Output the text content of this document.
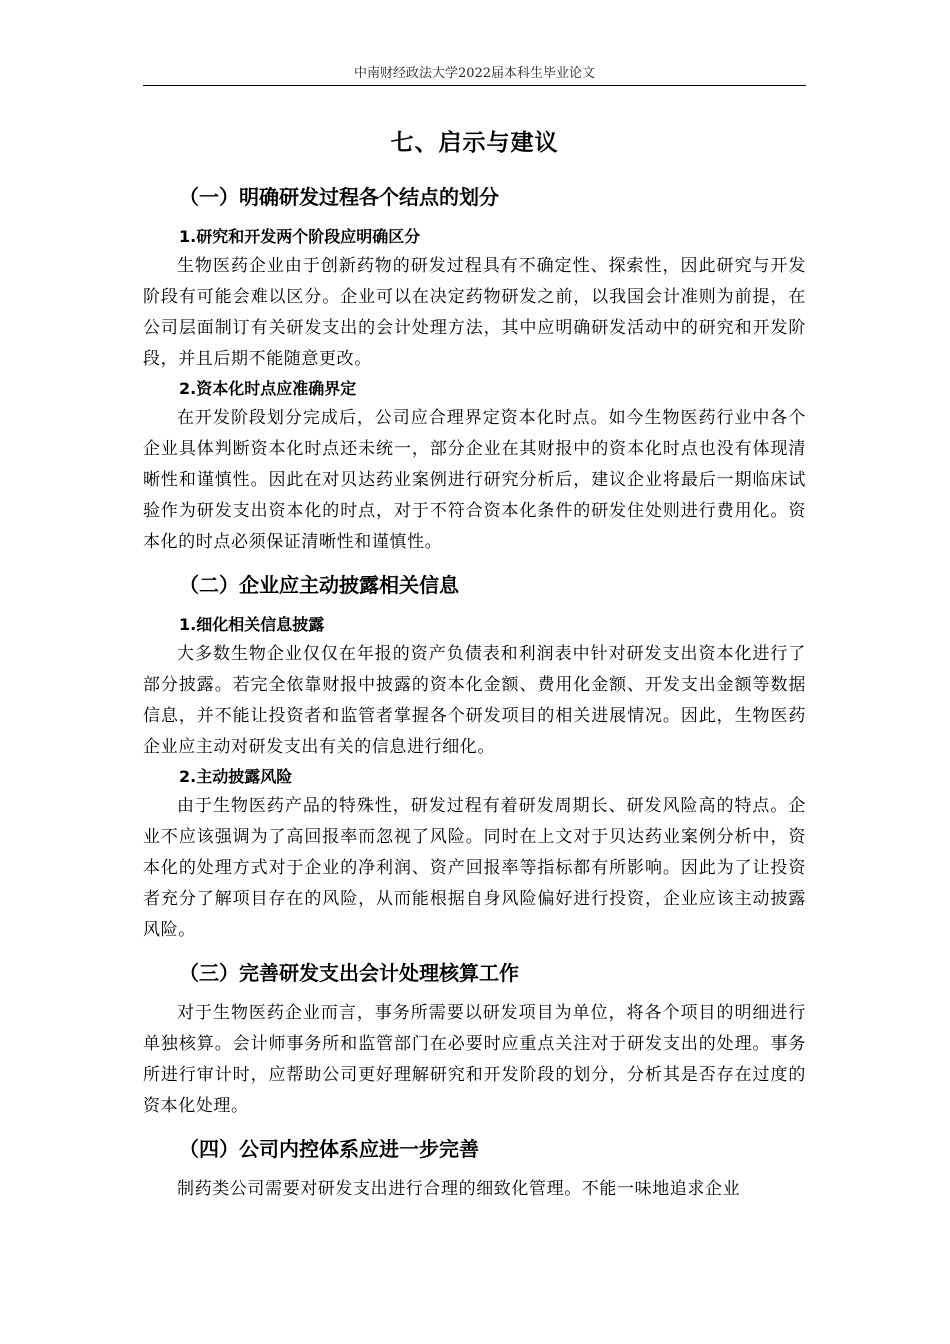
中南财经政法大学2022届本科生毕业论文
七、启示与建议
（一）明确研发过程各个结点的划分
1.研究和开发两个阶段应明确区分

生物医药企业由于创新药物的研发过程具有不确定性、探索性，因此研究与开发阶段有可能会难以区分。企业可以在决定药物研发之前，以我国会计准则为前提，在公司层面制订有关研发支出的会计处理方法，其中应明确研发活动中的研究和开发阶段，并且后期不能随意更改。

2.资本化时点应准确界定

在开发阶段划分完成后，公司应合理界定资本化时点。如今生物医药行业中各个企业具体判断资本化时点还未统一，部分企业在其财报中的资本化时点也没有体现清晰性和谨慎性。因此在对贝达药业案例进行研究分析后，建议企业将最后一期临床试验作为研发支出资本化的时点，对于不符合资本化条件的研发住处则进行费用化。资本化的时点必须保证清晰性和谨慎性。

（二）企业应主动披露相关信息
1.细化相关信息披露

大多数生物企业仅仅在年报的资产负债表和利润表中针对研发支出资本化进行了部分披露。若完全依靠财报中披露的资本化金额、费用化金额、开发支出金额等数据信息，并不能让投资者和监管者掌握各个研发项目的相关进展情况。因此，生物医药企业应主动对研发支出有关的信息进行细化。

2.主动披露风险

由于生物医药产品的特殊性，研发过程有着研发周期长、研发风险高的特点。企业不应该强调为了高回报率而忽视了风险。同时在上文对于贝达药业案例分析中，资本化的处理方式对于企业的净利润、资产回报率等指标都有所影响。因此为了让投资者充分了解项目存在的风险，从而能根据自身风险偏好进行投资，企业应该主动披露风险。

（三）完善研发支出会计处理核算工作

对于生物医药企业而言，事务所需要以研发项目为单位，将各个项目的明细进行单独核算。会计师事务所和监管部门在必要时应重点关注对于研发支出的处理。事务所进行审计时，应帮助公司更好理解研究和开发阶段的划分，分析其是否存在过度的资本化处理。

（四）公司内控体系应进一步完善

制药类公司需要对研发支出进行合理的细致化管理。不能一味地追求企业
